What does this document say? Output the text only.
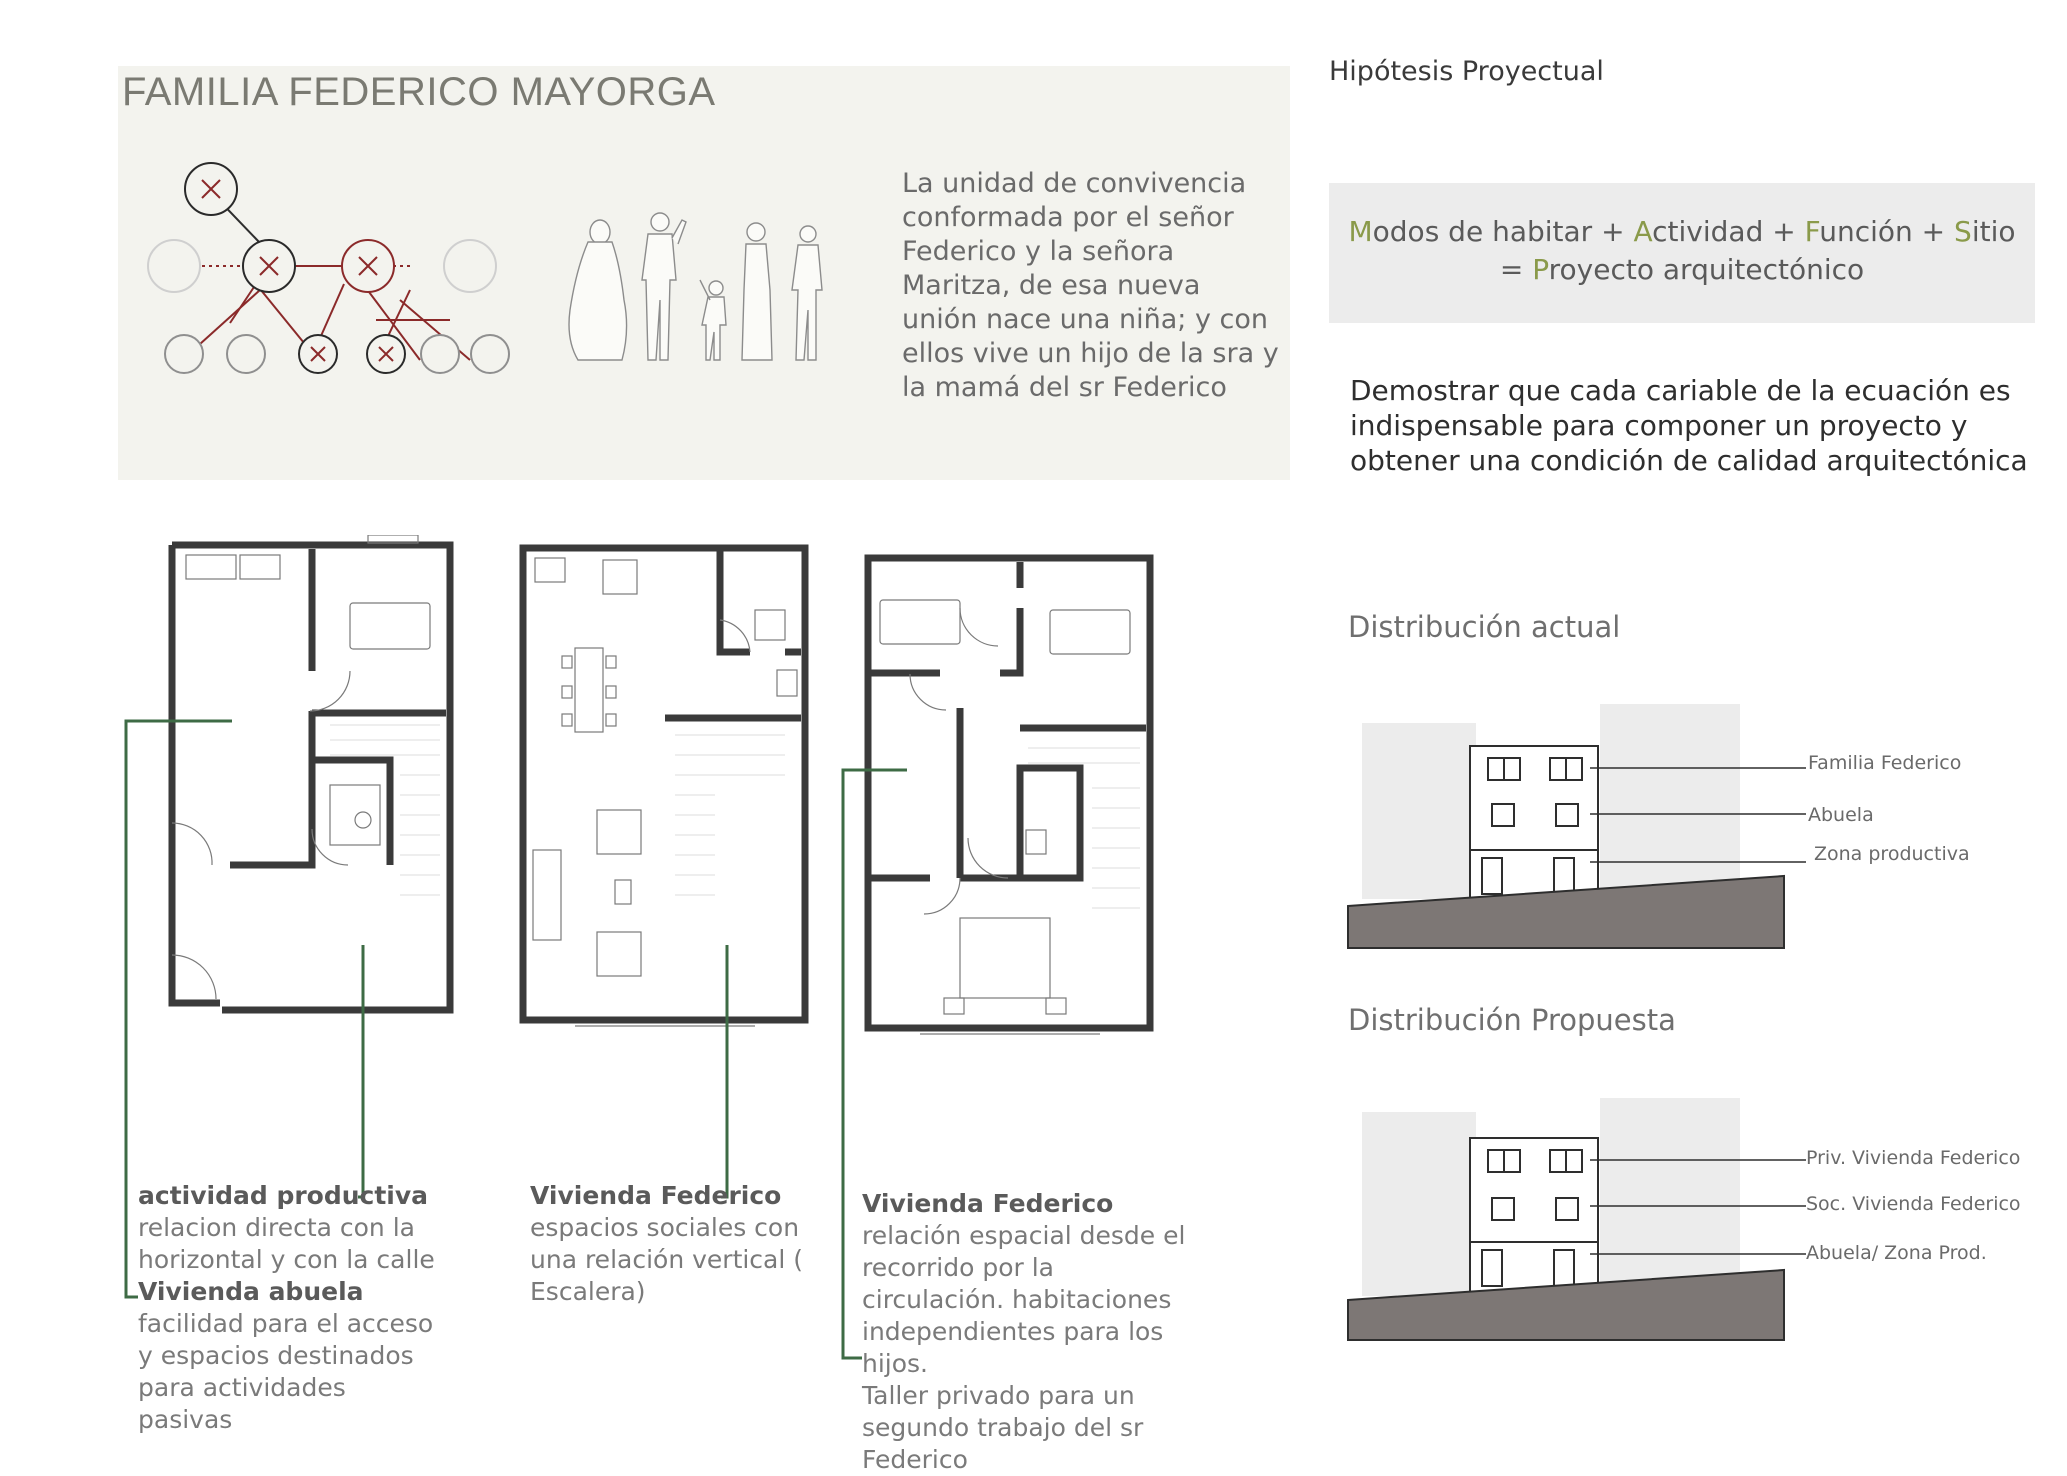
FAMILIA FEDERICO MAYORGA
La unidad de convivencia conformada por el señor Federico y la señora Maritza, de esa nueva unión nace una niña; y con ellos vive un hijo de la sra y la mamá del sr Federico
Hipótesis Proyectual
Modos de habitar + Actividad + Función + Sitio
= Proyecto arquitectónico
Demostrar que cada cariable de la ecuación es indispensable para componer un proyecto y obtener una condición de calidad arquitectónica
actividad productiva
relacion directa con la horizontal y con la calle
Vivienda abuela
facilidad para el acceso y espacios destinados para actividades pasivas
Vivienda Federico
espacios sociales con una relación vertical ( Escalera)
Vivienda Federico
relación espacial desde el recorrido por la circulación. habitaciones independientes para los hijos.
Taller privado para un segundo trabajo del sr Federico
Distribución actual
Familia Federico
Abuela
Zona productiva
Distribución Propuesta
Priv. Vivienda Federico
Soc. Vivienda Federico
Abuela/ Zona Prod.
